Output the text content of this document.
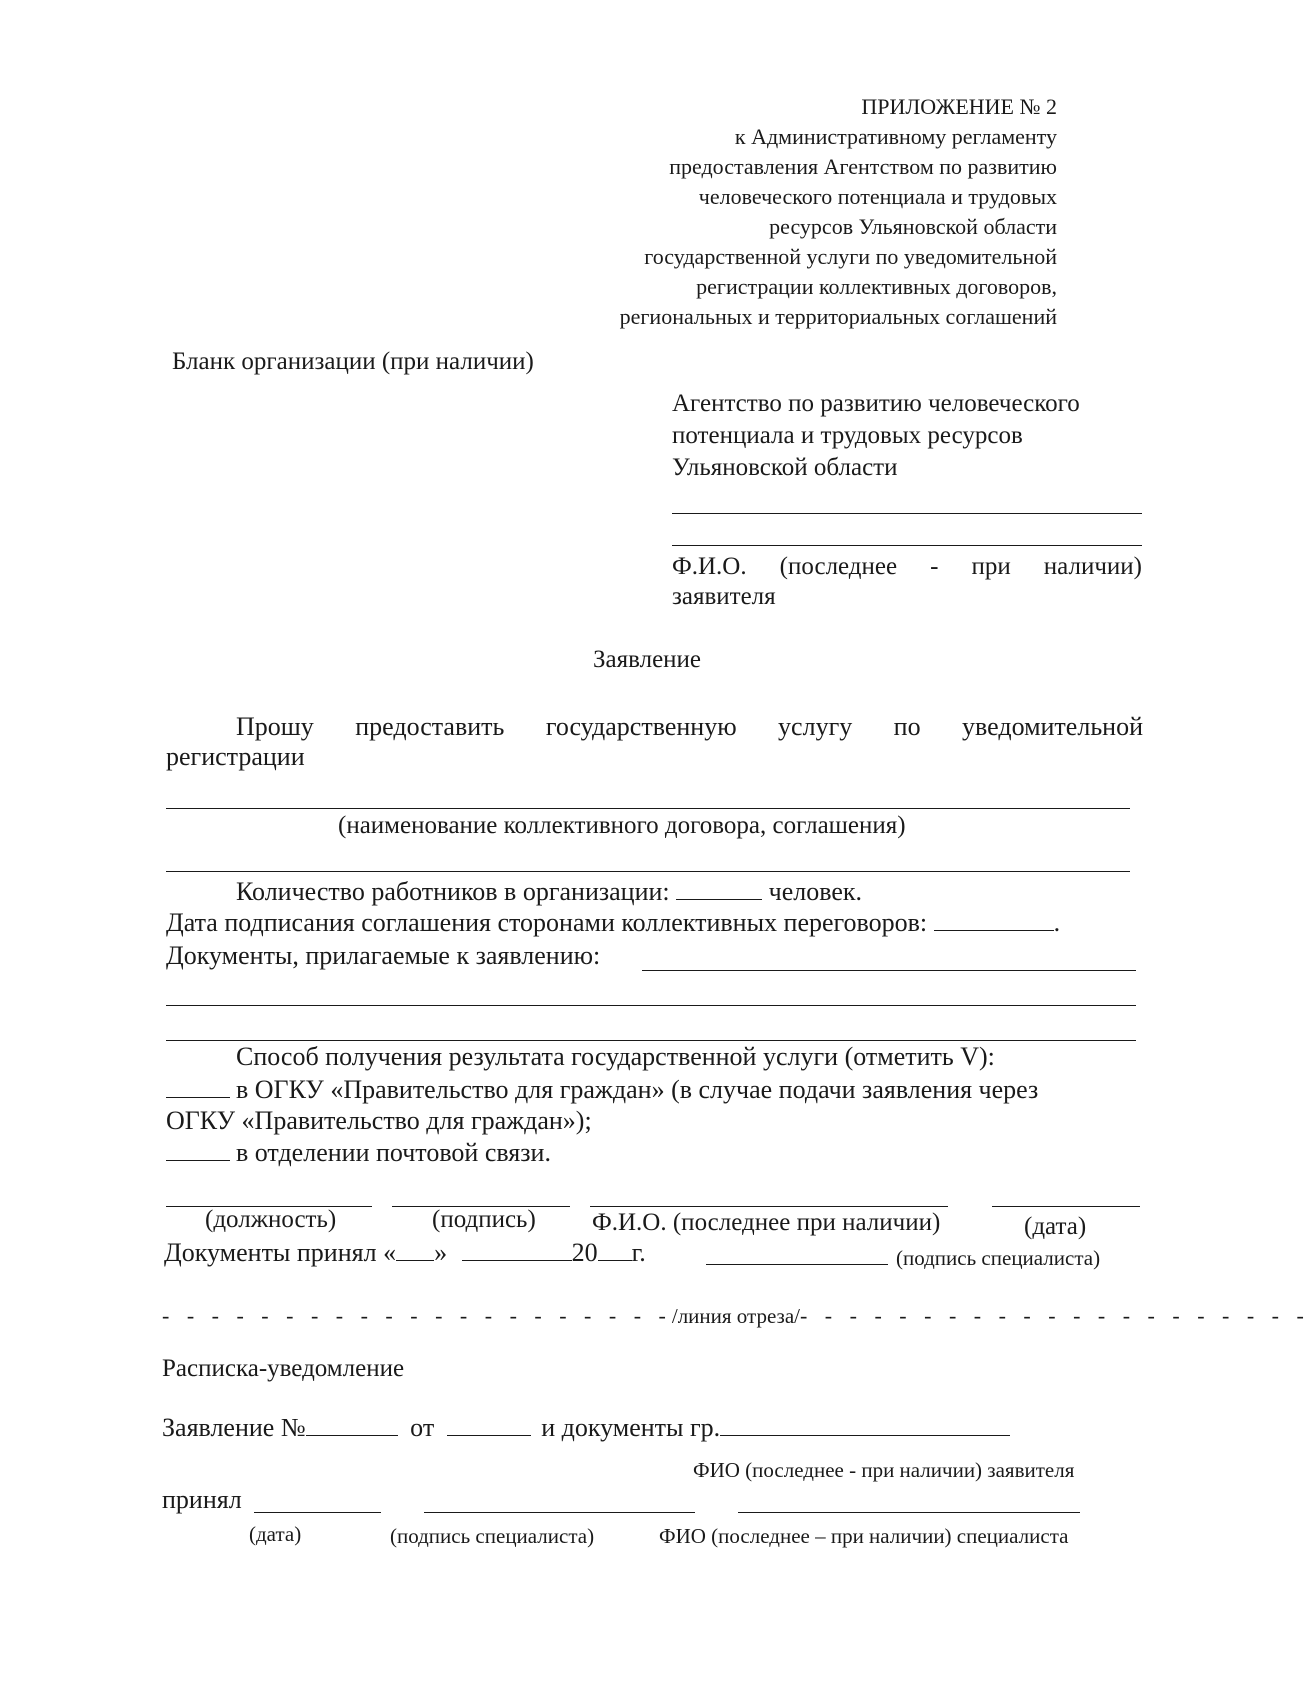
ПРИЛОЖЕНИЕ № 2
к Административному регламенту
предоставления Агентством по развитию
человеческого потенциала и трудовых
ресурсов Ульяновской области
государственной услуги по уведомительной
регистрации коллективных договоров,
региональных и территориальных соглашений
Бланк организации (при наличии)
Агентство по развитию человеческого
потенциала и трудовых ресурсов
Ульяновской области
Ф.И.О. (последнее - при наличии)
заявителя
Заявление
Прошу предоставить государственную услугу по уведомительной
регистрации
(наименование коллективного договора, соглашения)
Количество работников в организации:	человек.
Дата подписания соглашения сторонами коллективных переговоров:	.
Документы, прилагаемые к заявлению:
Способ получения результата государственной услуги (отметить V):
в ОГКУ «Правительство для граждан» (в случае подачи заявления через
ОГКУ «Правительство для граждан»);
в отделении почтовой связи.
(должность)	(подпись) Ф.И.О. (последнее при наличии)	(дата)
Документы принял « »	20 г.	(подпись специалиста)
- - - - - - - - - - - - - - - - - - - - - /линия отреза/ - - - - - - - - - - - - - - - - - - - - -
Расписка-уведомление
Заявление №	от	и документы гр.
ФИО (последнее - при наличии) заявителя
принял
(дата)	(подпись специалиста)	ФИО (последнее – при наличии) специалиста
